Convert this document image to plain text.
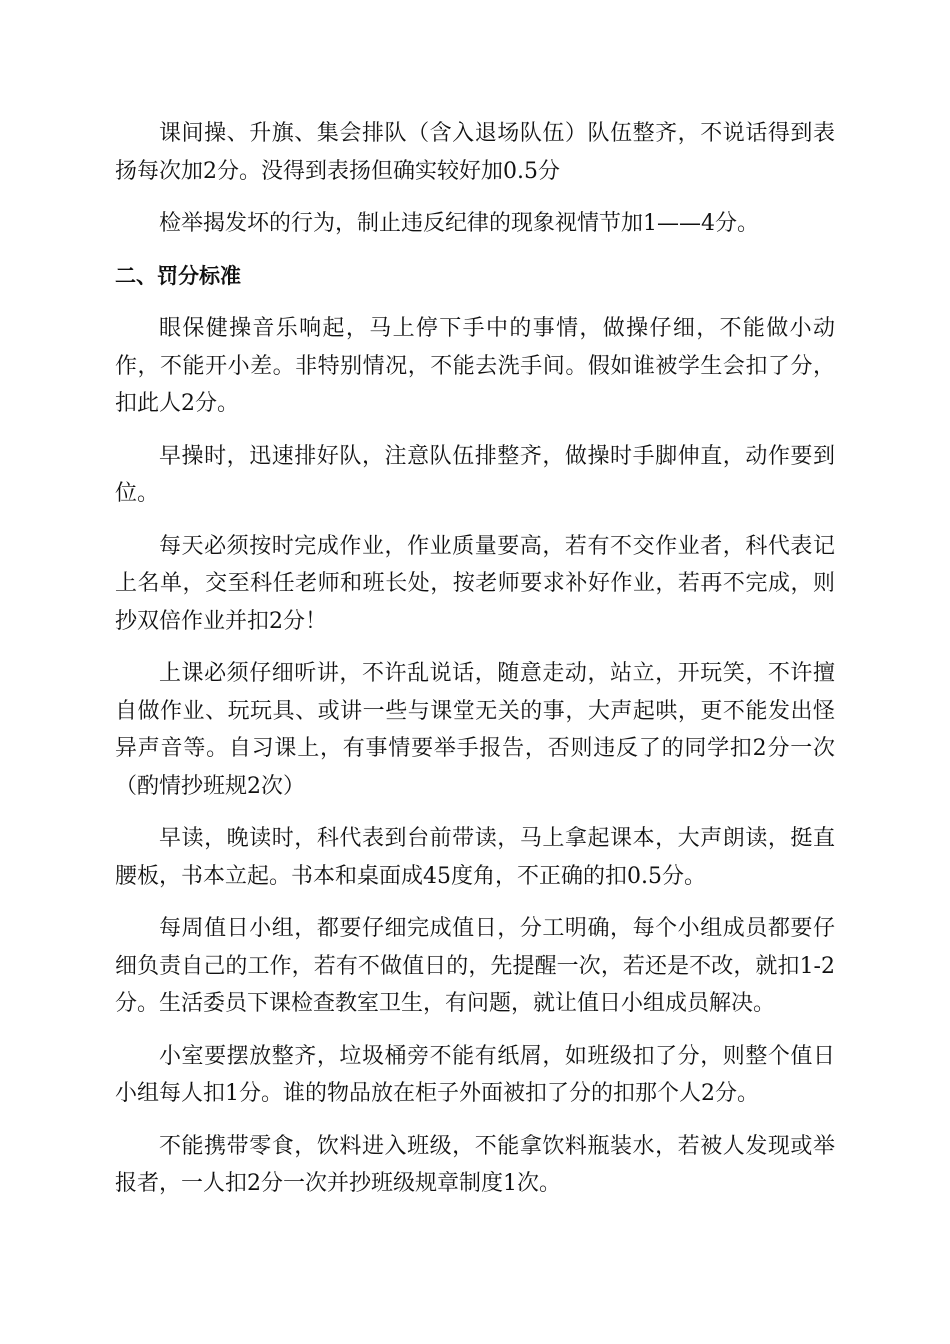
课间操、升旗、集会排队（含入退场队伍）队伍整齐，不说话得到表扬每次加2分。没得到表扬但确实较好加0.5分

检举揭发坏的行为，制止违反纪律的现象视情节加1——4分。

二、罚分标准

眼保健操音乐响起，马上停下手中的事情，做操仔细，不能做小动作，不能开小差。非特别情况，不能去洗手间。假如谁被学生会扣了分，扣此人2分。

早操时，迅速排好队，注意队伍排整齐，做操时手脚伸直，动作要到位。

每天必须按时完成作业，作业质量要高，若有不交作业者，科代表记上名单，交至科任老师和班长处，按老师要求补好作业，若再不完成，则抄双倍作业并扣2分！

上课必须仔细听讲，不许乱说话，随意走动，站立，开玩笑，不许擅自做作业、玩玩具、或讲一些与课堂无关的事，大声起哄，更不能发出怪异声音等。自习课上，有事情要举手报告，否则违反了的同学扣2分一次（酌情抄班规2次）

早读，晚读时，科代表到台前带读，马上拿起课本，大声朗读，挺直腰板，书本立起。书本和桌面成45度角，不正确的扣0.5分。

每周值日小组，都要仔细完成值日，分工明确，每个小组成员都要仔细负责自己的工作，若有不做值日的，先提醒一次，若还是不改，就扣1-2分。生活委员下课检查教室卫生，有问题，就让值日小组成员解决。

小室要摆放整齐，垃圾桶旁不能有纸屑，如班级扣了分，则整个值日小组每人扣1分。谁的物品放在柜子外面被扣了分的扣那个人2分。

不能携带零食，饮料进入班级，不能拿饮料瓶装水，若被人发现或举报者，一人扣2分一次并抄班级规章制度1次。
